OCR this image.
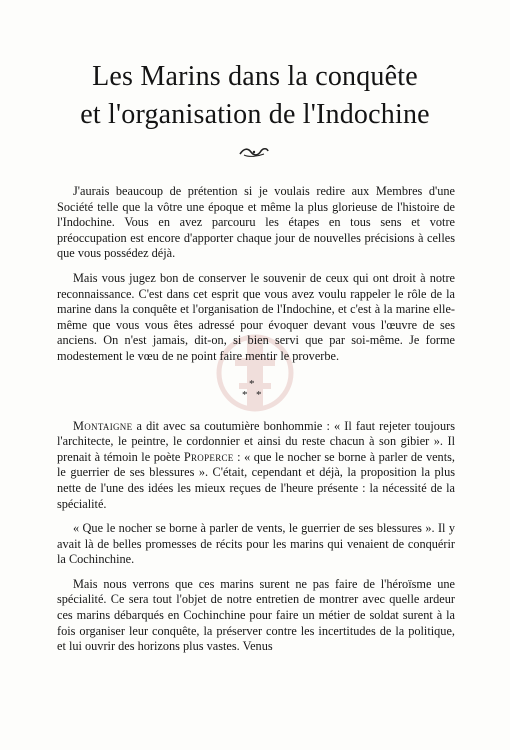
Les Marins dans la conquête
et l'organisation de l'Indochine

J'aurais beaucoup de prétention si je voulais redire aux Membres d'une Société telle que la vôtre une époque et même la plus glorieuse de l'histoire de l'Indochine. Vous en avez parcouru les étapes en tous sens et votre préoccupation est encore d'apporter chaque jour de nouvelles précisions à celles que vous possédez déjà.

Mais vous jugez bon de conserver le souvenir de ceux qui ont droit à notre reconnaissance. C'est dans cet esprit que vous avez voulu rappeler le rôle de la marine dans la conquête et l'organisation de l'Indochine, et c'est à la marine elle-même que vous vous êtes adressé pour évoquer devant vous l'œuvre de ses anciens. On n'est jamais, dit-on, si bien servi que par soi-même. Je forme modestement le vœu de ne point faire mentir le proverbe.

*
* *

Montaigne a dit avec sa coutumière bonhommie : « Il faut rejeter toujours l'architecte, le peintre, le cordonnier et ainsi du reste chacun à son gibier ». Il prenait à témoin le poète Properce : « que le nocher se borne à parler de vents, le guerrier de ses blessures ». C'était, cependant et déjà, la proposition la plus nette de l'une des idées les mieux reçues de l'heure présente : la nécessité de la spécialité.

« Que le nocher se borne à parler de vents, le guerrier de ses blessures ». Il y avait là de belles promesses de récits pour les marins qui venaient de conquérir la Cochinchine.

Mais nous verrons que ces marins surent ne pas faire de l'héroïsme une spécialité. Ce sera tout l'objet de notre entretien de montrer avec quelle ardeur ces marins débarqués en Cochinchine pour faire un métier de soldat surent à la fois organiser leur conquête, la préserver contre les incertitudes de la politique, et lui ouvrir des horizons plus vastes. Venus
